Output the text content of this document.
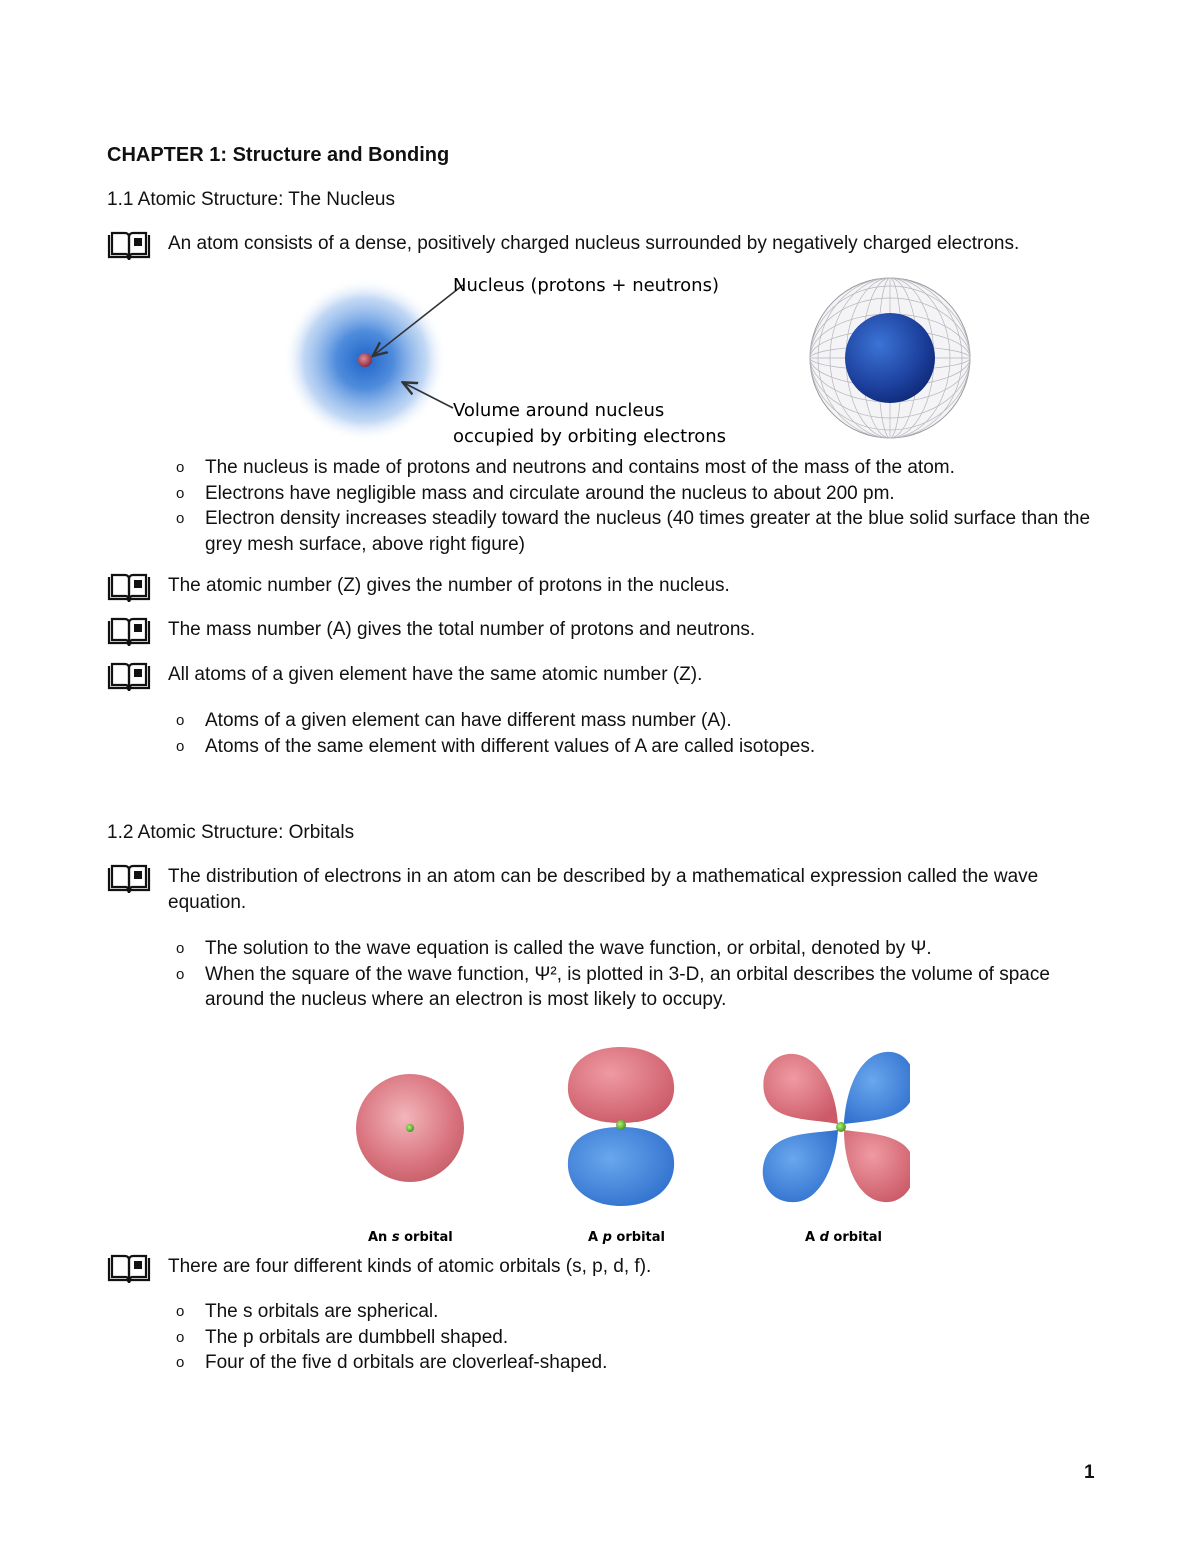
CHAPTER 1: Structure and Bonding
1.1 Atomic Structure: The Nucleus
An atom consists of a dense, positively charged nucleus surrounded by negatively charged electrons.
Nucleus (protons + neutrons)
Volume around nucleus
occupied by orbiting electrons
o The nucleus is made of protons and neutrons and contains most of the mass of the atom.
o Electrons have negligible mass and circulate around the nucleus to about 200 pm.
o Electron density increases steadily toward the nucleus (40 times greater at the blue solid surface than the grey mesh surface, above right figure)
The atomic number (Z) gives the number of protons in the nucleus.
The mass number (A) gives the total number of protons and neutrons.
All atoms of a given element have the same atomic number (Z).
o Atoms of a given element can have different mass number (A).
o Atoms of the same element with different values of A are called isotopes.
1.2 Atomic Structure: Orbitals
The distribution of electrons in an atom can be described by a mathematical expression called the wave equation.
o The solution to the wave equation is called the wave function, or orbital, denoted by Ψ.
o When the square of the wave function, Ψ², is plotted in 3-D, an orbital describes the volume of space around the nucleus where an electron is most likely to occupy.
An s orbital	A p orbital	A d orbital
There are four different kinds of atomic orbitals (s, p, d, f).
o The s orbitals are spherical.
o The p orbitals are dumbbell shaped.
o Four of the five d orbitals are cloverleaf-shaped.
1
